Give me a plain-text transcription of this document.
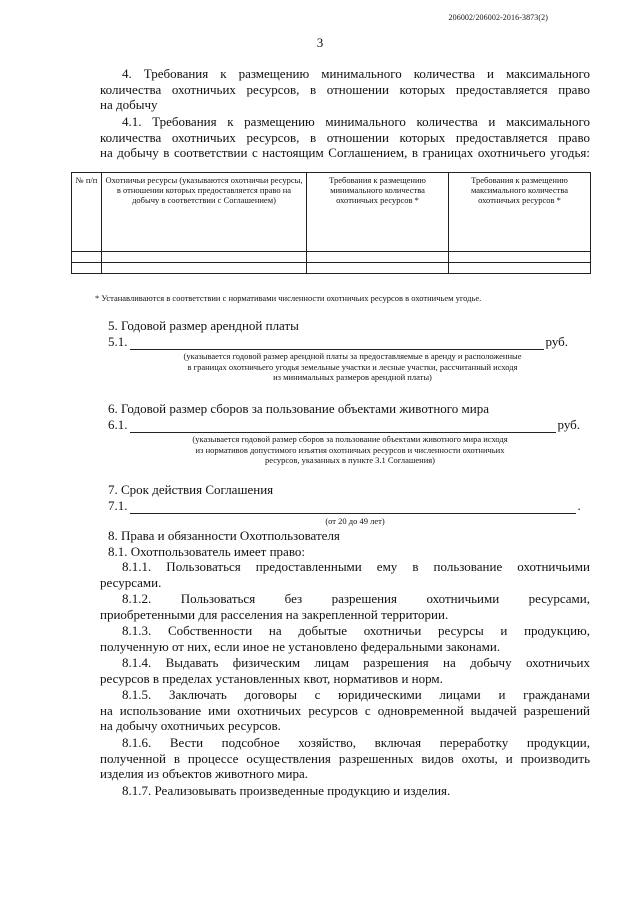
206002/206002-2016-3873(2)
3
4. Требования к размещению минимального количества и максимального
количества охотничьих ресурсов, в отношении которых предоставляется право
на добычу
4.1. Требования к размещению минимального количества и максимального
количества охотничьих ресурсов, в отношении которых предоставляется право
на добычу в соответствии с настоящим Соглашением, в границах охотничьего угодья:
№ п/п	Охотничьи ресурсы (указываются охотничьи ресурсы, в отношении которых предоставляется право на добычу в соответствии с Соглашением)	Требования к размещению минимального количества охотничьих ресурсов *	Требования к размещению максимального количества охотничьих ресурсов *

* Устанавливаются в соответствии с нормативами численности охотничьих ресурсов в охотничьем угодье.
5. Годовой размер арендной платы
5.1.	руб.
(указывается годовой размер арендной платы за предоставляемые в аренду и расположенные
в границах охотничьего угодья земельные участки и лесные участки, рассчитанный исходя
из минимальных размеров арендной платы)
6. Годовой размер сборов за пользование объектами животного мира
6.1.	руб.
(указывается годовой размер сборов за пользование объектами животного мира исходя
из нормативов допустимого изъятия охотничьих ресурсов и численности охотничьих
ресурсов, указанных в пункте 3.1 Соглашения)
7. Срок действия Соглашения
7.1.	.
(от 20 до 49 лет)
8. Права и обязанности Охотпользователя
8.1. Охотпользователь имеет право:
8.1.1. Пользоваться предоставленными ему в пользование охотничьими
ресурсами.
8.1.2. Пользоваться без разрешения охотничьими ресурсами,
приобретенными для расселения на закрепленной территории.
8.1.3. Собственности на добытые охотничьи ресурсы и продукцию,
полученную от них, если иное не установлено федеральными законами.
8.1.4. Выдавать физическим лицам разрешения на добычу охотничьих
ресурсов в пределах установленных квот, нормативов и норм.
8.1.5. Заключать договоры с юридическими лицами и гражданами
на использование ими охотничьих ресурсов с одновременной выдачей разрешений
на добычу охотничьих ресурсов.
8.1.6. Вести подсобное хозяйство, включая переработку продукции,
полученной в процессе осуществления разрешенных видов охоты, и производить
изделия из объектов животного мира.
8.1.7. Реализовывать произведенные продукцию и изделия.
